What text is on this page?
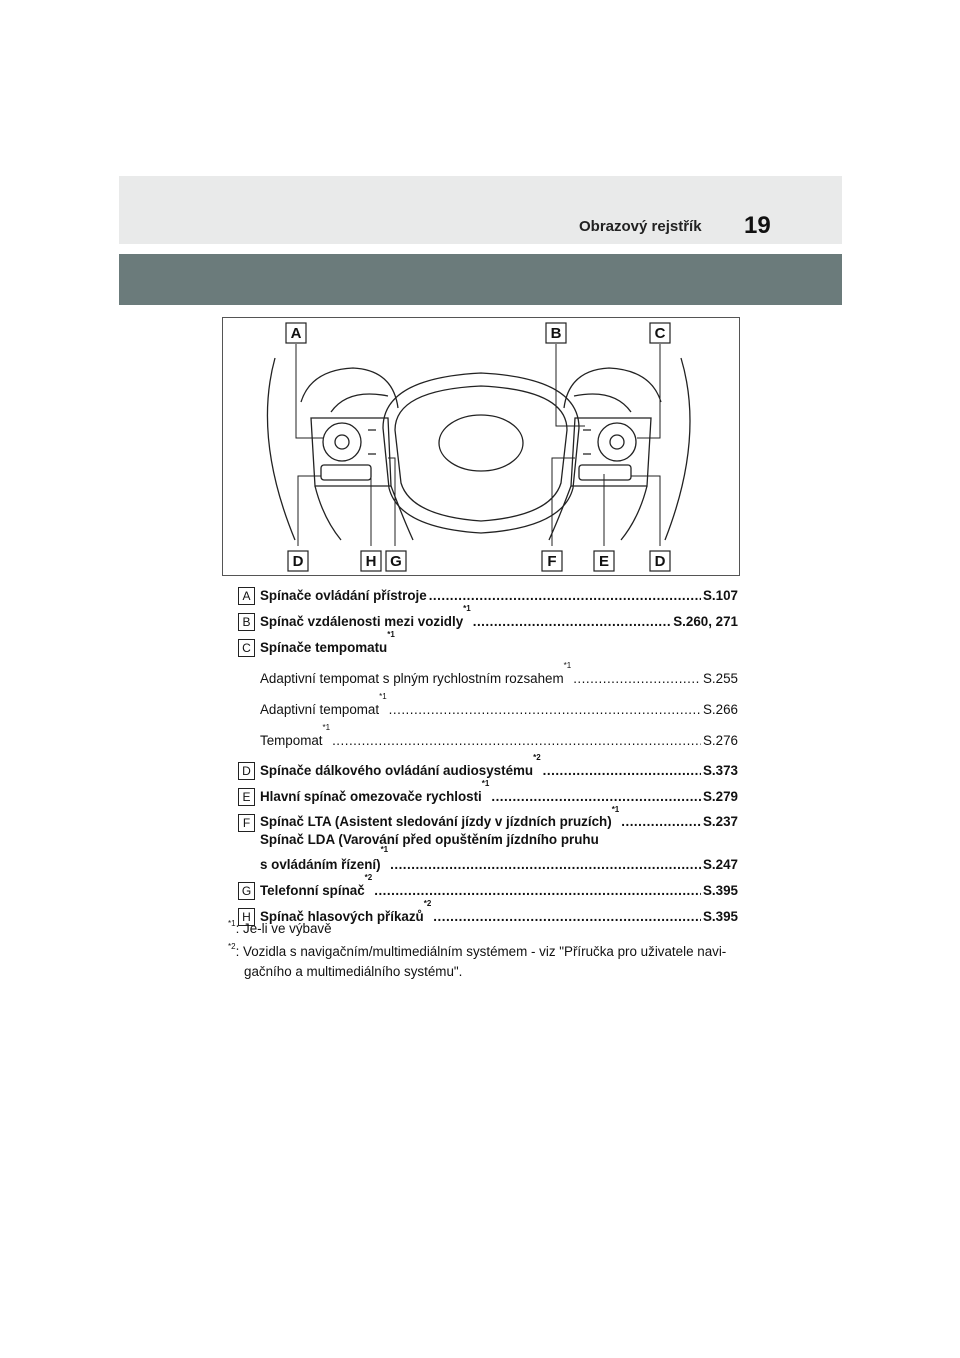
Obrazový rejstřík 19
A	B	C
D	H G	F	E	D
A Spínače ovládání přístroje
.....	S.107
B Spínač vzdálenosti mezi vozidly
*1
.....
S.260, 271
C Spínače tempomatu
*1
Adaptivní tempomat s plným rychlostním rozsahem
*1
.....
S.255
Adaptivní tempomat
*1
.....
S.266
Tempomat
*1
.....
S.276
D Spínače dálkového ovládání audiosystému
*2
.....
S.373
E Hlavní spínač omezovače rychlosti
*1
.....
S.279
F Spínač LTA (Asistent sledování jízdy v jízdních pruzích)
*1
.....
S.237
Spínač LDA (Varování před opuštěním jízdního pruhu
s ovládáním řízení)
*1
.....
S.247
G Telefonní spínač
*2
.....
S.395
H Spínač hlasových příkazů
*2
.....
S.395

$^{*1}$: Je-li ve výbavě

$^{*2}$: Vozidla s navigačním/multimediálním systémem - viz "Příručka pro uživatele navi-
gačního a multimediálního systému".
